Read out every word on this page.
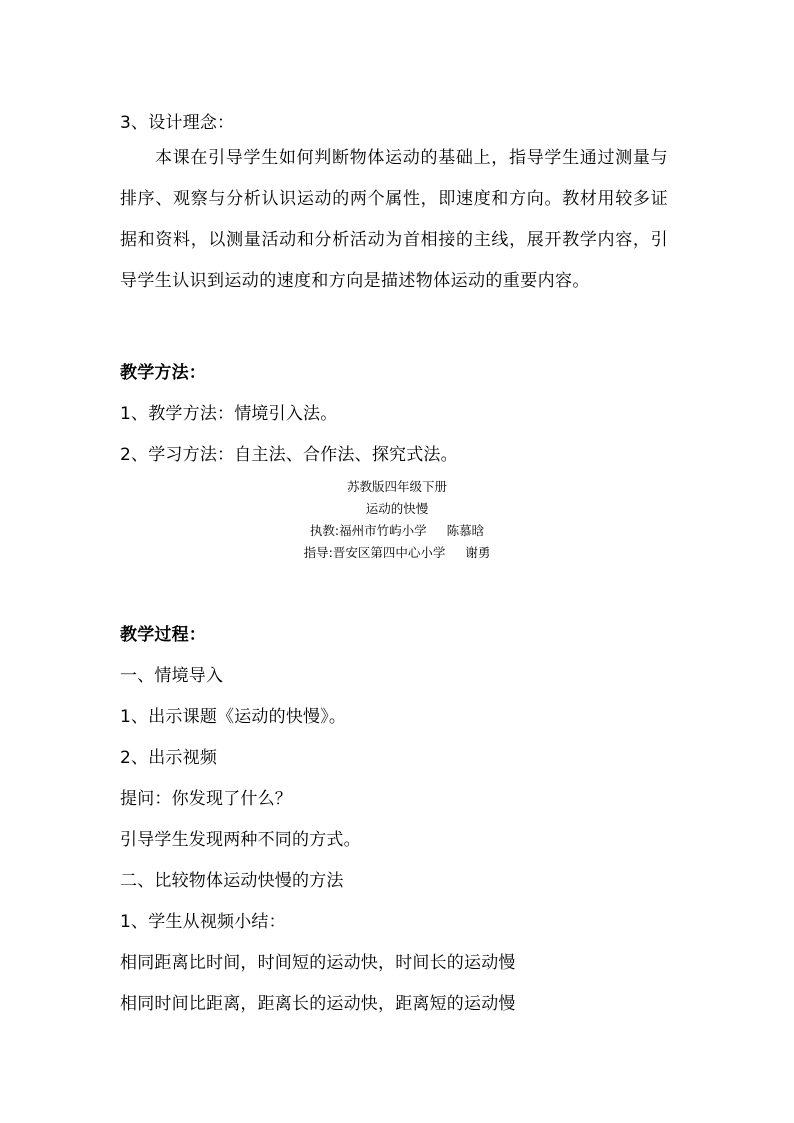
3、设计理念：
本课在引导学生如何判断物体运动的基础上，指导学生通过测量与排序、观察与分析认识运动的两个属性，即速度和方向。教材用较多证据和资料，以测量活动和分析活动为首相接的主线，展开教学内容，引导学生认识到运动的速度和方向是描述物体运动的重要内容。
教学方法：
1、教学方法：情境引入法。
2、学习方法：自主法、合作法、探究式法。
苏教版四年级下册
运动的快慢
执教:福州市竹屿小学 陈慕晗
指导:晋安区第四中心小学 谢勇
教学过程：
一、情境导入
1、出示课题《运动的快慢》。
2、出示视频
提问：你发现了什么？
引导学生发现两种不同的方式。
二、比较物体运动快慢的方法
1、学生从视频小结：
相同距离比时间，时间短的运动快，时间长的运动慢
相同时间比距离，距离长的运动快，距离短的运动慢
